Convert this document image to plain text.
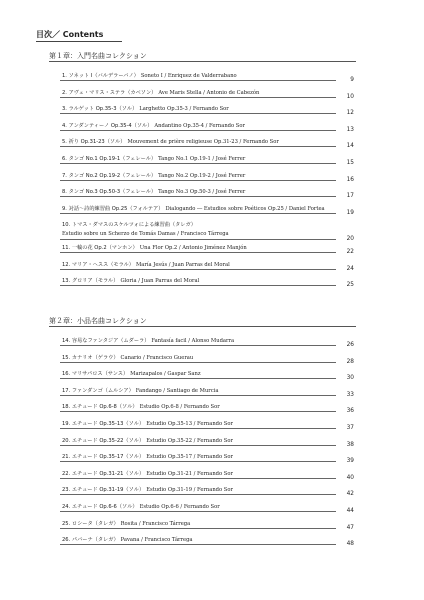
目次／ Contents
第１章：入門名曲コレクション
1. ソネット I（バルデラーバノ） Soneto I / Enriquez de Valderrabano
9
2. アヴェ・マリス・ステラ（カベソン） Ave Maris Stella / Antonio de Cabezón
10
3. ラルゲット Op.35-3（ソル） Larghetto Op.35-3 / Fernando Sor
12
4. アンダンティーノ Op.35-4（ソル） Andantino Op.35-4 / Fernando Sor
13
5. 祈り Op.31-23（ソル） Mouvement de prière religieuse Op.31-23 / Fernando Sor
14
6. タンゴ No.1 Op.19-1（フェレール） Tango No.1 Op.19-1 / José Ferrer
15
7. タンゴ No.2 Op.19-2（フェレール） Tango No.2 Op.19-2 / José Ferrer
16
8. タンゴ No.3 Op.50-3（フェレール） Tango No.3 Op.50-3 / José Ferrer
17
9. 対話〜詩的練習曲 Op.25（フォルテア） Dialogando ― Estudios sobre Poéticos Op.25 / Daniel Fortea
19
10. トマス・ダマスのスケルツォによる練習曲（タレガ）
Estudio sobre un Scherzo de Tomás Damas / Francisco Tárrega
20
11. 一輪の花 Op.2（マンホン） Una Flor Op.2 / Antonio Jiménez Manjón
22
12. マリア・ヘスス（モラル） María Jesús / Juan Parras del Moral
24
13. グロリア（モラル） Gloria / Juan Parras del Moral
25
第２章：小品名曲コレクション
14. 容易なファンタジア（ムダーラ） Fantasía facil / Alonso Mudarra
26
15. カナリオ（ゲラウ） Canario / Francisco Guerau
28
16. マリサパロス（サンス） Marizapalos / Gaspar Sanz
30
17. ファンダンゴ（ムルシア） Fandango / Santiago de Murcia
33
18. エチュード Op.6-8（ソル） Estudio Op.6-8 / Fernando Sor
36
19. エチュード Op.35-13（ソル） Estudio Op.35-13 / Fernando Sor
37
20. エチュード Op.35-22（ソル） Estudio Op.35-22 / Fernando Sor
38
21. エチュード Op.35-17（ソル） Estudio Op.35-17 / Fernando Sor
39
22. エチュード Op.31-21（ソル） Estudio Op.31-21 / Fernando Sor
40
23. エチュード Op.31-19（ソル） Estudio Op.31-19 / Fernando Sor
42
24. エチュード Op.6-6（ソル） Estudio Op.6-6 / Fernando Sor
44
25. ロシータ（タレガ） Rosita / Francisco Tárrega
47
26. パバーナ（タレガ） Pavana / Francisco Tárrega
48
